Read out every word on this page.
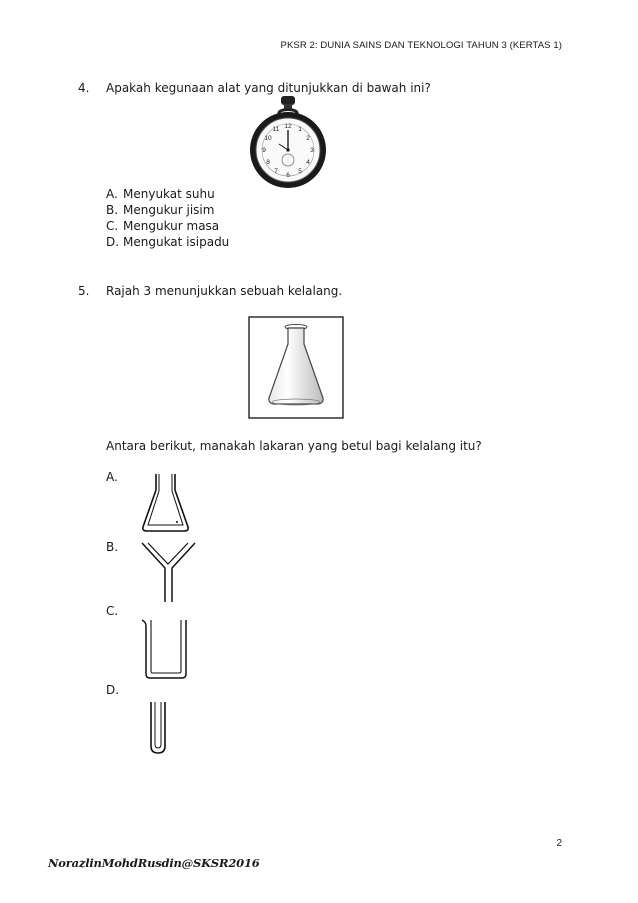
PKSR 2: DUNIA SAINS DAN TEKNOLOGI TAHUN 3 (KERTAS 1)
4. Apakah kegunaan alat yang ditunjukkan di bawah ini?
12 1
2
3
4
5
6
7
8
9
10
11
A. Menyukat suhu
B. Mengukur jisim
C. Mengukur masa
D. Mengukat isipadu
5. Rajah 3 menunjukkan sebuah kelalang.
Antara berikut, manakah lakaran yang betul bagi kelalang itu?
A.
B.
C.
D.
2
NorazlinMohdRusdin@SKSR2016
